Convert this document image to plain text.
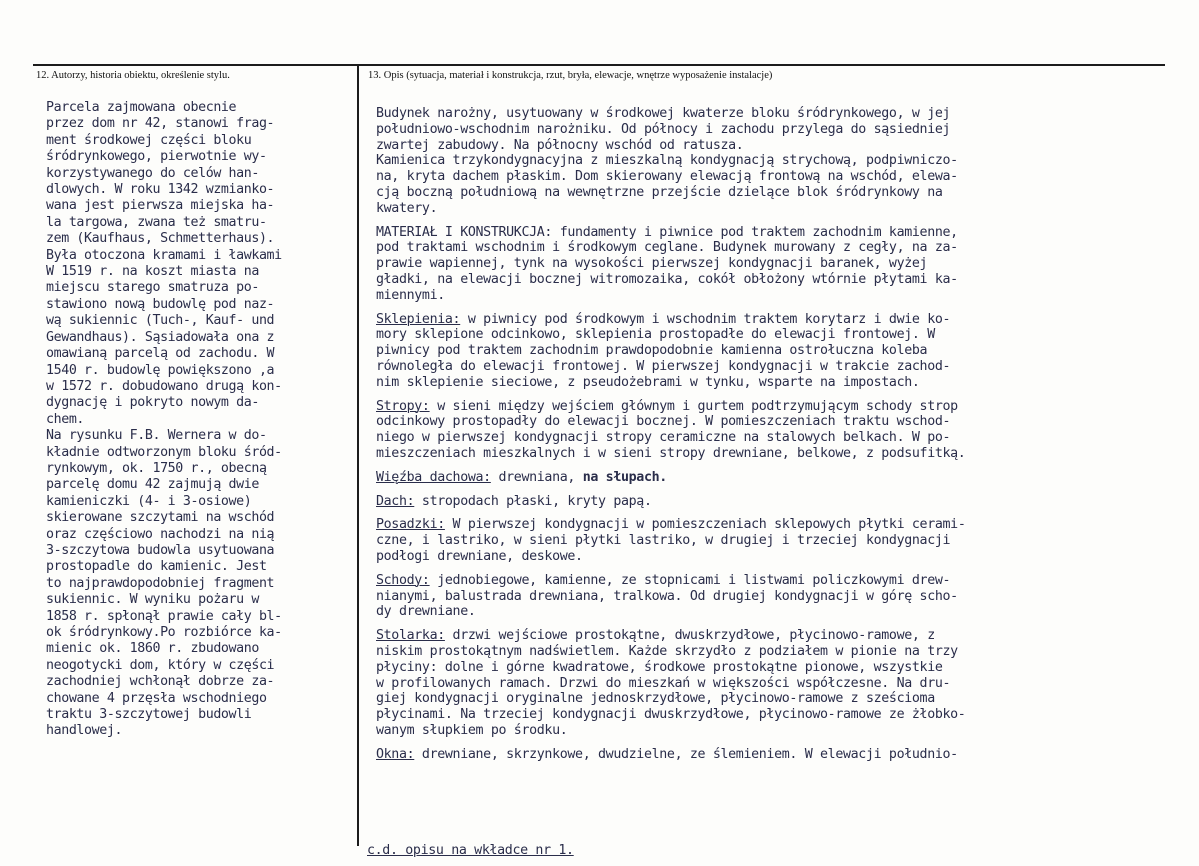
12. Autorzy, historia obiektu, określenie stylu.	13. Opis (sytuacja, materiał i konstrukcja, rzut, bryła, elewacje, wnętrze wyposażenie instalacje)
Parcela zajmowana obecnie
przez dom nr 42, stanowi frag-
ment środkowej części bloku
śródrynkowego, pierwotnie wy-
korzystywanego do celów han-
dlowych. W roku 1342 wzmianko-
wana jest pierwsza miejska ha-
la targowa, zwana też smatru-
zem (Kaufhaus, Schmetterhaus).
Była otoczona kramami i ławkami
W 1519 r. na koszt miasta na
miejscu starego smatruza po-
stawiono nową budowlę pod naz-
wą sukiennic (Tuch-, Kauf- und
Gewandhaus). Sąsiadowała ona z
omawianą parcelą od zachodu. W
1540 r. budowlę powiększono ,a
w 1572 r. dobudowano drugą kon-
dygnację i pokryto nowym da-
chem.
Na rysunku F.B. Wernera w do-
kładnie odtworzonym bloku śród-
rynkowym, ok. 1750 r., obecną
parcelę domu 42 zajmują dwie
kamieniczki (4- i 3-osiowe)
skierowane szczytami na wschód
oraz częściowo nachodzi na nią
3-szczytowa budowla usytuowana
prostopadle do kamienic. Jest
to najprawdopodobniej fragment
sukiennic. W wyniku pożaru w
1858 r. spłonął prawie cały bl-
ok śródrynkowy.Po rozbiórce ka-
mienic ok. 1860 r. zbudowano
neogotycki dom, który w części
zachodniej wchłonął dobrze za-
chowane 4 przęsła wschodniego
traktu 3-szczytowej budowli
handlowej.

Budynek narożny, usytuowany w środkowej kwaterze bloku śródrynkowego, w jej
południowo-wschodnim narożniku. Od północy i zachodu przylega do sąsiedniej
zwartej zabudowy. Na północny wschód od ratusza.
Kamienica trzykondygnacyjna z mieszkalną kondygnacją strychową, podpiwniczo-
na, kryta dachem płaskim. Dom skierowany elewacją frontową na wschód, elewa-
cją boczną południową na wewnętrzne przejście dzielące blok śródrynkowy na
kwatery.

MATERIAŁ I KONSTRUKCJA: fundamenty i piwnice pod traktem zachodnim kamienne,
pod traktami wschodnim i środkowym ceglane. Budynek murowany z cegły, na za-
prawie wapiennej, tynk na wysokości pierwszej kondygnacji baranek, wyżej
gładki, na elewacji bocznej witromozaika, cokół obłożony wtórnie płytami ka-
miennymi.

Sklepienia: w piwnicy pod środkowym i wschodnim traktem korytarz i dwie ko-
mory sklepione odcinkowo, sklepienia prostopadłe do elewacji frontowej. W
piwnicy pod traktem zachodnim prawdopodobnie kamienna ostrołuczna koleba
równoległa do elewacji frontowej. W pierwszej kondygnacji w trakcie zachod-
nim sklepienie sieciowe, z pseudożebrami w tynku, wsparte na impostach.

Stropy: w sieni między wejściem głównym i gurtem podtrzymującym schody strop
odcinkowy prostopadły do elewacji bocznej. W pomieszczeniach traktu wschod-
niego w pierwszej kondygnacji stropy ceramiczne na stalowych belkach. W po-
mieszczeniach mieszkalnych i w sieni stropy drewniane, belkowe, z podsufitką.

Więźba dachowa: drewniana, na słupach.

Dach: stropodach płaski, kryty papą.

Posadzki: W pierwszej kondygnacji w pomieszczeniach sklepowych płytki cerami-
czne, i lastriko, w sieni płytki lastriko, w drugiej i trzeciej kondygnacji
podłogi drewniane, deskowe.

Schody: jednobiegowe, kamienne, ze stopnicami i listwami policzkowymi drew-
nianymi, balustrada drewniana, tralkowa. Od drugiej kondygnacji w górę scho-
dy drewniane.

Stolarka: drzwi wejściowe prostokątne, dwuskrzydłowe, płycinowo-ramowe, z
niskim prostokątnym nadświetlem. Każde skrzydło z podziałem w pionie na trzy
płyciny: dolne i górne kwadratowe, środkowe prostokątne pionowe, wszystkie
w profilowanych ramach. Drzwi do mieszkań w większości współczesne. Na dru-
giej kondygnacji oryginalne jednoskrzydłowe, płycinowo-ramowe z sześcioma
płycinami. Na trzeciej kondygnacji dwuskrzydłowe, płycinowo-ramowe ze żłobko-
wanym słupkiem po środku.

Okna: drewniane, skrzynkowe, dwudzielne, ze ślemieniem. W elewacji południo-

c.d. opisu na wkładce nr 1.
